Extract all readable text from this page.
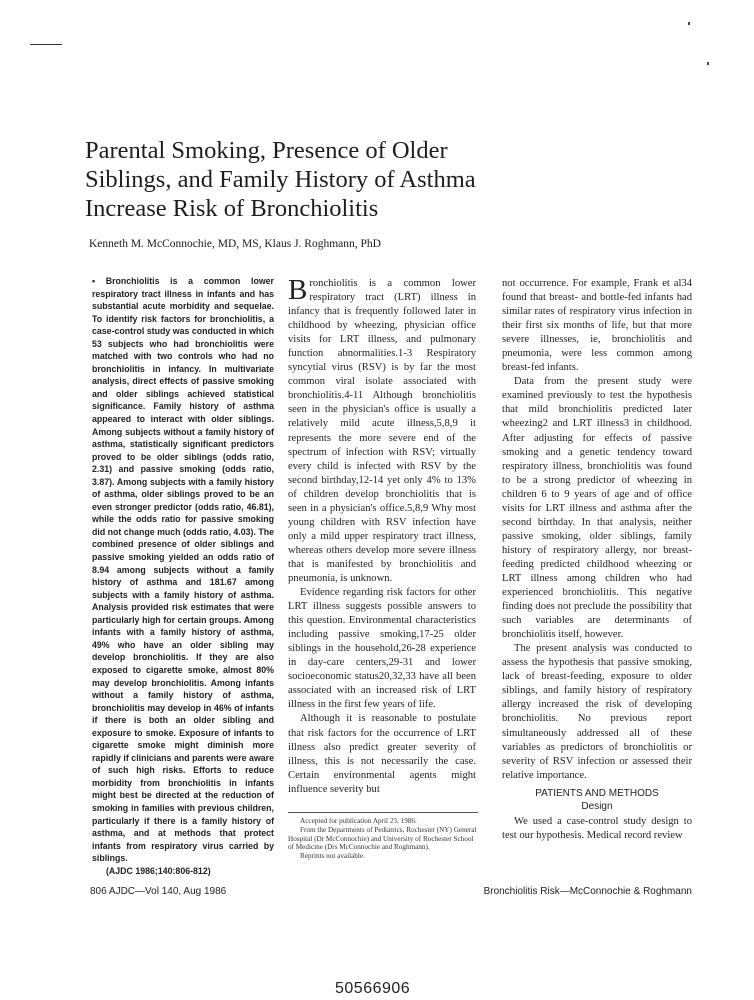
Parental Smoking, Presence of Older
Siblings, and Family History of Asthma
Increase Risk of Bronchiolitis
Kenneth M. McConnochie, MD, MS, Klaus J. Roghmann, PhD

• Bronchiolitis is a common lower respiratory tract illness in infants and has substantial acute morbidity and sequelae. To identify risk factors for bronchiolitis, a case-control study was conducted in which 53 subjects who had bronchiolitis were matched with two controls who had no bronchiolitis in infancy. In multivariate analysis, direct effects of passive smoking and older siblings achieved statistical significance. Family history of asthma appeared to interact with older siblings. Among subjects without a family history of asthma, statistically significant predictors proved to be older siblings (odds ratio, 2.31) and passive smoking (odds ratio, 3.87). Among subjects with a family history of asthma, older siblings proved to be an even stronger predictor (odds ratio, 46.81), while the odds ratio for passive smoking did not change much (odds ratio, 4.03). The combined presence of older siblings and passive smoking yielded an odds ratio of 8.94 among subjects without a family history of asthma and 181.67 among subjects with a family history of asthma. Analysis provided risk estimates that were particularly high for certain groups. Among infants with a family history of asthma, 49% who have an older sibling may develop bronchiolitis. If they are also exposed to cigarette smoke, almost 80% may develop bronchiolitis. Among infants without a family history of asthma, bronchiolitis may develop in 46% of infants if there is both an older sibling and exposure to smoke. Exposure of infants to cigarette smoke might diminish more rapidly if clinicians and parents were aware of such high risks. Efforts to reduce morbidity from bronchiolitis in infants might best be directed at the reduction of smoking in families with previous children, particularly if there is a family history of asthma, and at methods that protect infants from respiratory virus carried by siblings.

(AJDC 1986;140:806-812)

Bronchiolitis is a common lower respiratory tract (LRT) illness in infancy that is frequently followed later in childhood by wheezing, physician office visits for LRT illness, and pulmonary function abnormalities.1-3 Respiratory syncytial virus (RSV) is by far the most common viral isolate associated with bronchiolitis.4-11 Although bronchiolitis seen in the physician's office is usually a relatively mild acute illness,5,8,9 it represents the more severe end of the spectrum of infection with RSV; virtually every child is infected with RSV by the second birthday,12-14 yet only 4% to 13% of children develop bronchiolitis that is seen in a physician's office.5,8,9 Why most young children with RSV infection have only a mild upper respiratory tract illness, whereas others develop more severe illness that is manifested by bronchiolitis and pneumonia, is unknown.

Evidence regarding risk factors for other LRT illness suggests possible answers to this question. Environmental characteristics including passive smoking,17-25 older siblings in the household,26-28 experience in day-care centers,29-31 and lower socioeconomic status20,32,33 have all been associated with an increased risk of LRT illness in the first few years of life.

Although it is reasonable to postulate that risk factors for the occurrence of LRT illness also predict greater severity of illness, this is not necessarily the case. Certain environmental agents might influence severity but

Accepted for publication April 23, 1986.

From the Departments of Pediatrics, Rochester (NY) General Hospital (Dr McConnochie) and University of Rochester School of Medicine (Drs McConnochie and Roghmann).

Reprints not available.

not occurrence. For example, Frank et al34 found that breast- and bottle-fed infants had similar rates of respiratory virus infection in their first six months of life, but that more severe illnesses, ie, bronchiolitis and pneumonia, were less common among breast-fed infants.

Data from the present study were examined previously to test the hypothesis that mild bronchiolitis predicted later wheezing2 and LRT illness3 in childhood. After adjusting for effects of passive smoking and a genetic tendency toward respiratory illness, bronchiolitis was found to be a strong predictor of wheezing in children 6 to 9 years of age and of office visits for LRT illness and asthma after the second birthday. In that analysis, neither passive smoking, older siblings, family history of respiratory allergy, nor breast-feeding predicted childhood wheezing or LRT illness among children who had experienced bronchiolitis. This negative finding does not preclude the possibility that such variables are determinants of bronchiolitis itself, however.

The present analysis was conducted to assess the hypothesis that passive smoking, lack of breast-feeding, exposure to older siblings, and family history of respiratory allergy increased the risk of developing bronchiolitis. No previous report simultaneously addressed all of these variables as predictors of bronchiolitis or severity of RSV infection or assessed their relative importance.

PATIENTS AND METHODS
Design

We used a case-control study design to test our hypothesis. Medical record review

806 AJDC—Vol 140, Aug 1986	Bronchiolitis Risk—McConnochie & Roghmann
50566906
